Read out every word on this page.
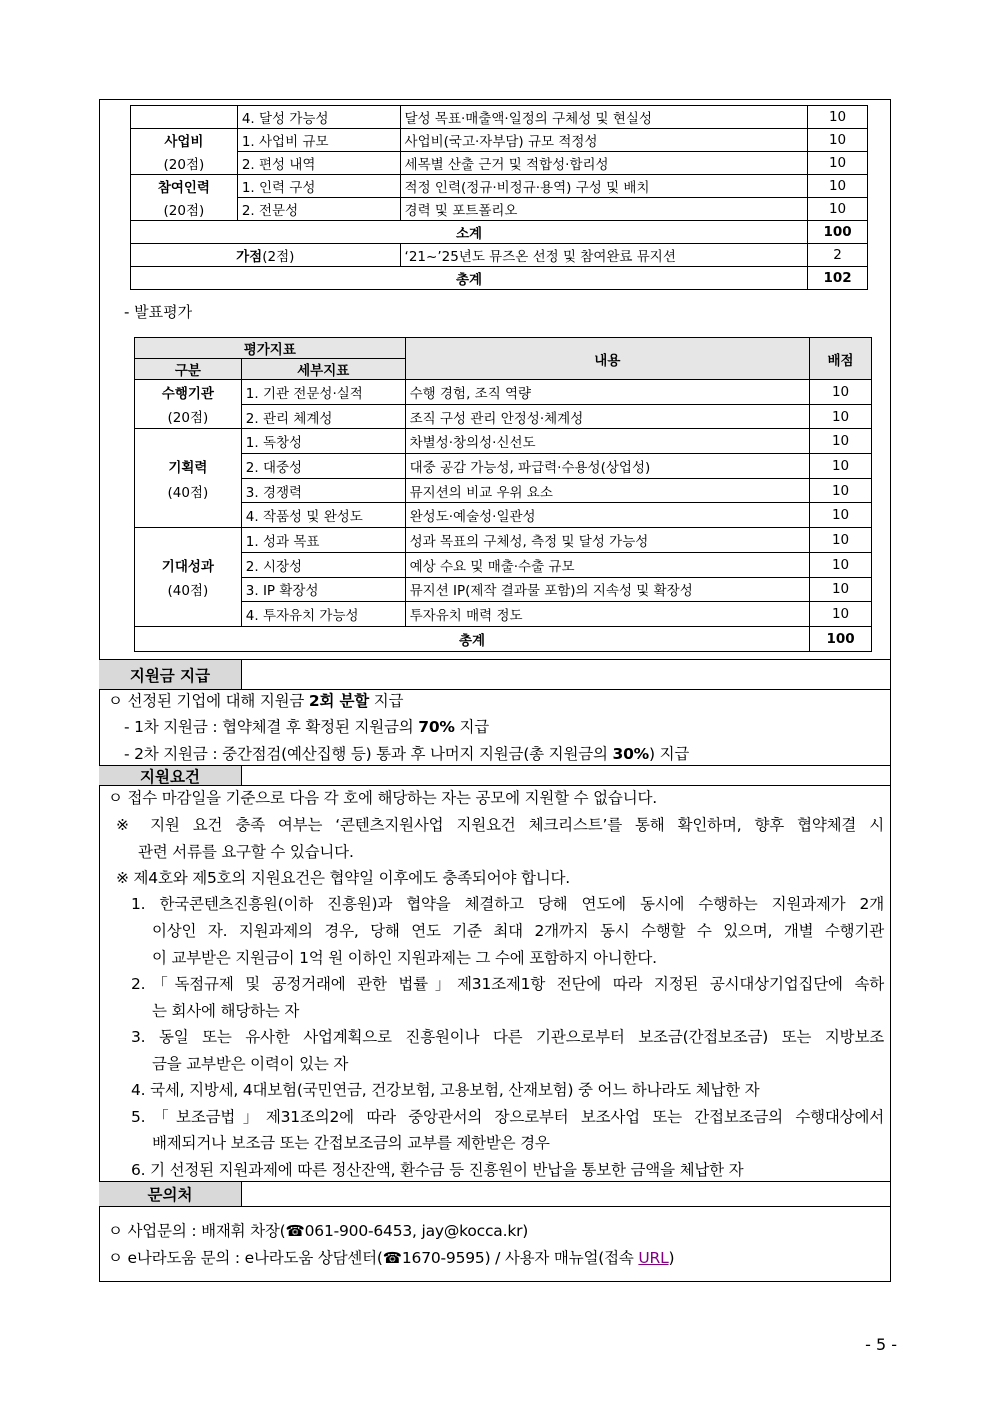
	4. 달성 가능성	달성 목표·매출액·일정의 구체성 및 현실성	10
사업비	1. 사업비 규모	사업비(국고·자부담) 규모 적정성	10
(20점)	2. 편성 내역	세목별 산출 근거 및 적합성·합리성	10
참여인력	1. 인력 구성	적정 인력(정규·비정규·용역) 구성 및 배치	10
(20점)	2. 전문성	경력 및 포트폴리오	10
소계			100
가점(2점)		‘21~’25년도 뮤즈온 선정 및 참여완료 뮤지션	2
총계			102
- 발표평가
평가지표		내용	배점
구분	세부지표		
수행기관	1. 기관 전문성·실적	수행 경험, 조직 역량	10
(20점)	2. 관리 체계성	조직 구성 관리 안정성·체계성	10
	1. 독창성	차별성·창의성·신선도	10
기획력	2. 대중성	대중 공감 가능성, 파급력·수용성(상업성)	10
(40점)	3. 경쟁력	뮤지션의 비교 우위 요소	10
	4. 작품성 및 완성도	완성도·예술성·일관성	10
	1. 성과 목표	성과 목표의 구체성, 측정 및 달성 가능성	10
기대성과	2. 시장성	예상 수요 및 매출·수출 규모	10
(40점)	3. IP 확장성	뮤지션 IP(제작 결과물 포함)의 지속성 및 확장성	10
	4. 투자유치 가능성	투자유치 매력 정도	10
총계			100
지원금 지급
ㅇ 선정된 기업에 대해 지원금 2회 분할 지급
- 1차 지원금 : 협약체결 후 확정된 지원금의 70% 지급
- 2차 지원금 : 중간점검(예산집행 등) 통과 후 나머지 지원금(총 지원금의 30%) 지급
지원요건
ㅇ 접수 마감일을 기준으로 다음 각 호에 해당하는 자는 공모에 지원할 수 없습니다.
※ 지원 요건 충족 여부는 ‘콘텐츠지원사업 지원요건 체크리스트’를 통해 확인하며, 향후 협약체결 시
관련 서류를 요구할 수 있습니다.
※ 제4호와 제5호의 지원요건은 협약일 이후에도 충족되어야 합니다.
1. 한국콘텐츠진흥원(이하 진흥원)과 협약을 체결하고 당해 연도에 동시에 수행하는 지원과제가 2개
이상인 자. 지원과제의 경우, 당해 연도 기준 최대 2개까지 동시 수행할 수 있으며, 개별 수행기관
이 교부받은 지원금이 1억 원 이하인 지원과제는 그 수에 포함하지 아니한다.
2.「독점규제 및 공정거래에 관한 법률」제31조제1항 전단에 따라 지정된 공시대상기업집단에 속하
는 회사에 해당하는 자
3. 동일 또는 유사한 사업계획으로 진흥원이나 다른 기관으로부터 보조금(간접보조금) 또는 지방보조
금을 교부받은 이력이 있는 자
4. 국세, 지방세, 4대보험(국민연금, 건강보험, 고용보험, 산재보험) 중 어느 하나라도 체납한 자
5.「보조금법」제31조의2에 따라 중앙관서의 장으로부터 보조사업 또는 간접보조금의 수행대상에서
배제되거나 보조금 또는 간접보조금의 교부를 제한받은 경우
6. 기 선정된 지원과제에 따른 정산잔액, 환수금 등 진흥원이 반납을 통보한 금액을 체납한 자
문의처
ㅇ 사업문의 : 배재휘 차장(☎061-900-6453, jay@kocca.kr)
ㅇ e나라도움 문의 : e나라도움 상담센터(☎1670-9595) / 사용자 매뉴얼(접속 URL)
- 5 -
